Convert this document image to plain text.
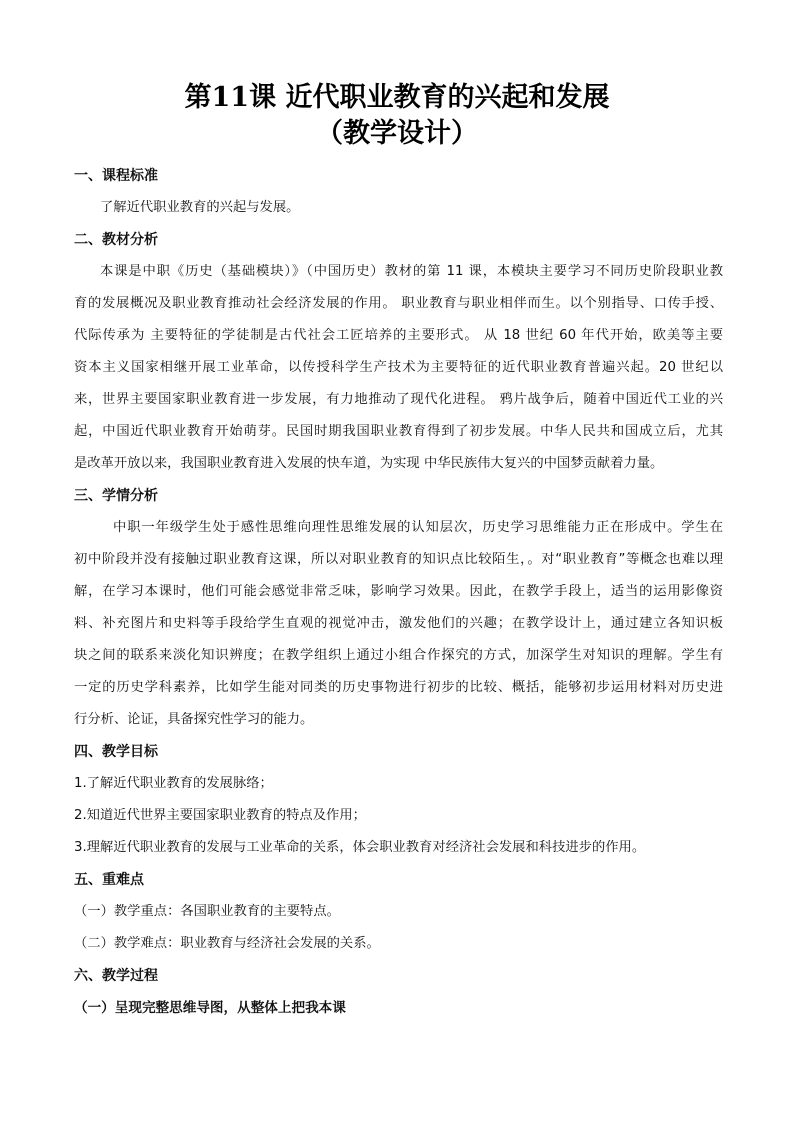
第11课 近代职业教育的兴起和发展
（教学设计）
一、课程标准
了解近代职业教育的兴起与发展。
二、教材分析
本课是中职《历史（基础模块）》（中国历史）教材的第 11 课，本模块主要学习不同历史阶段职业教
育的发展概况及职业教育推动社会经济发展的作用。 职业教育与职业相伴而生。以个别指导、口传手授、
代际传承为 主要特征的学徒制是古代社会工匠培养的主要形式。 从 18 世纪 60 年代开始，欧美等主要
资本主义国家相继开展工业革命，以传授科学生产技术为主要特征的近代职业教育普遍兴起。20 世纪以
来，世界主要国家职业教育进一步发展，有力地推动了现代化进程。 鸦片战争后，随着中国近代工业的兴
起，中国近代职业教育开始萌芽。民国时期我国职业教育得到了初步发展。中华人民共和国成立后，尤其
是改革开放以来，我国职业教育进入发展的快车道，为实现 中华民族伟大复兴的中国梦贡献着力量。
三、学情分析
中职一年级学生处于感性思维向理性思维发展的认知层次，历史学习思维能力正在形成中。学生在
初中阶段并没有接触过职业教育这课，所以对职业教育的知识点比较陌生，。对“职业教育”等概念也难以理
解，在学习本课时，他们可能会感觉非常乏味，影响学习效果。因此，在教学手段上，适当的运用影像资
料、补充图片和史料等手段给学生直观的视觉冲击，激发他们的兴趣；在教学设计上，通过建立各知识板
块之间的联系来淡化知识辨度；在教学组织上通过小组合作探究的方式，加深学生对知识的理解。学生有
一定的历史学科素养，比如学生能对同类的历史事物进行初步的比较、概括，能够初步运用材料对历史进
行分析、论证，具备探究性学习的能力。
四、教学目标
1.了解近代职业教育的发展脉络；
2.知道近代世界主要国家职业教育的特点及作用；
3.理解近代职业教育的发展与工业革命的关系，体会职业教育对经济社会发展和科技进步的作用。
五、重难点
（一）教学重点：各国职业教育的主要特点。
（二）教学难点：职业教育与经济社会发展的关系。
六、教学过程
（一）呈现完整思维导图，从整体上把我本课
